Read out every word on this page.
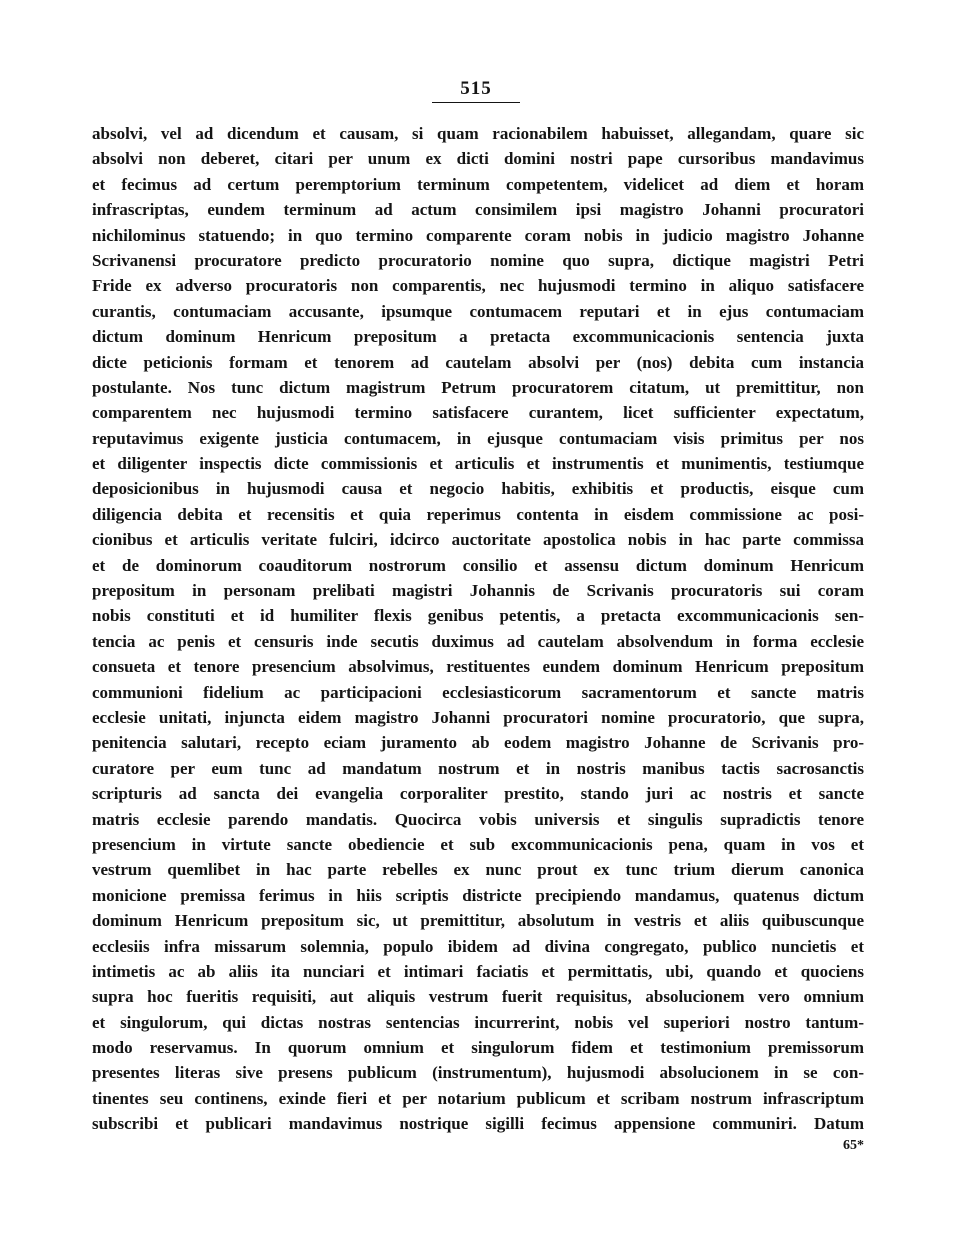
515
absolvi, vel ad dicendum et causam, si quam racionabilem habuisset, allegandam, quare sic
absolvi non deberet, citari per unum ex dicti domini nostri pape cursoribus mandavimus
et fecimus ad certum peremptorium terminum competentem, videlicet ad diem et horam
infrascriptas, eundem terminum ad actum consimilem ipsi magistro Johanni procuratori
nichilominus statuendo; in quo termino comparente coram nobis in judicio magistro Johanne
Scrivanensi procuratore predicto procuratorio nomine quo supra, dictique magistri Petri
Fride ex adverso procuratoris non comparentis, nec hujusmodi termino in aliquo satisfacere
curantis, contumaciam accusante, ipsumque contumacem reputari et in ejus contumaciam
dictum dominum Henricum prepositum a pretacta excommunicacionis sentencia juxta
dicte peticionis formam et tenorem ad cautelam absolvi per (nos) debita cum instancia
postulante. Nos tunc dictum magistrum Petrum procuratorem citatum, ut premittitur, non
comparentem nec hujusmodi termino satisfacere curantem, licet sufficienter expectatum,
reputavimus exigente justicia contumacem, in ejusque contumaciam visis primitus per nos
et diligenter inspectis dicte commissionis et articulis et instrumentis et munimentis, testiumque
deposicionibus in hujusmodi causa et negocio habitis, exhibitis et productis, eisque cum
diligencia debita et recensitis et quia reperimus contenta in eisdem commissione ac posi-
cionibus et articulis veritate fulciri, idcirco auctoritate apostolica nobis in hac parte commissa
et de dominorum coauditorum nostrorum consilio et assensu dictum dominum Henricum
prepositum in personam prelibati magistri Johannis de Scrivanis procuratoris sui coram
nobis constituti et id humiliter flexis genibus petentis, a pretacta excommunicacionis sen-
tencia ac penis et censuris inde secutis duximus ad cautelam absolvendum in forma ecclesie
consueta et tenore presencium absolvimus, restituentes eundem dominum Henricum prepositum
communioni fidelium ac participacioni ecclesiasticorum sacramentorum et sancte matris
ecclesie unitati, injuncta eidem magistro Johanni procuratori nomine procuratorio, que supra,
penitencia salutari, recepto eciam juramento ab eodem magistro Johanne de Scrivanis pro-
curatore per eum tunc ad mandatum nostrum et in nostris manibus tactis sacrosanctis
scripturis ad sancta dei evangelia corporaliter prestito, stando juri ac nostris et sancte
matris ecclesie parendo mandatis. Quocirca vobis universis et singulis supradictis tenore
presencium in virtute sancte obediencie et sub excommunicacionis pena, quam in vos et
vestrum quemlibet in hac parte rebelles ex nunc prout ex tunc trium dierum canonica
monicione premissa ferimus in hiis scriptis districte precipiendo mandamus, quatenus dictum
dominum Henricum prepositum sic, ut premittitur, absolutum in vestris et aliis quibuscunque
ecclesiis infra missarum solemnia, populo ibidem ad divina congregato, publico nuncietis et
intimetis ac ab aliis ita nunciari et intimari faciatis et permittatis, ubi, quando et quociens
supra hoc fueritis requisiti, aut aliquis vestrum fuerit requisitus, absolucionem vero omnium
et singulorum, qui dictas nostras sentencias incurrerint, nobis vel superiori nostro tantum-
modo reservamus. In quorum omnium et singulorum fidem et testimonium premissorum
presentes literas sive presens publicum (instrumentum), hujusmodi absolucionem in se con-
tinentes seu continens, exinde fieri et per notarium publicum et scribam nostrum infrascriptum
subscribi et publicari mandavimus nostrique sigilli fecimus appensione communiri. Datum
65*
